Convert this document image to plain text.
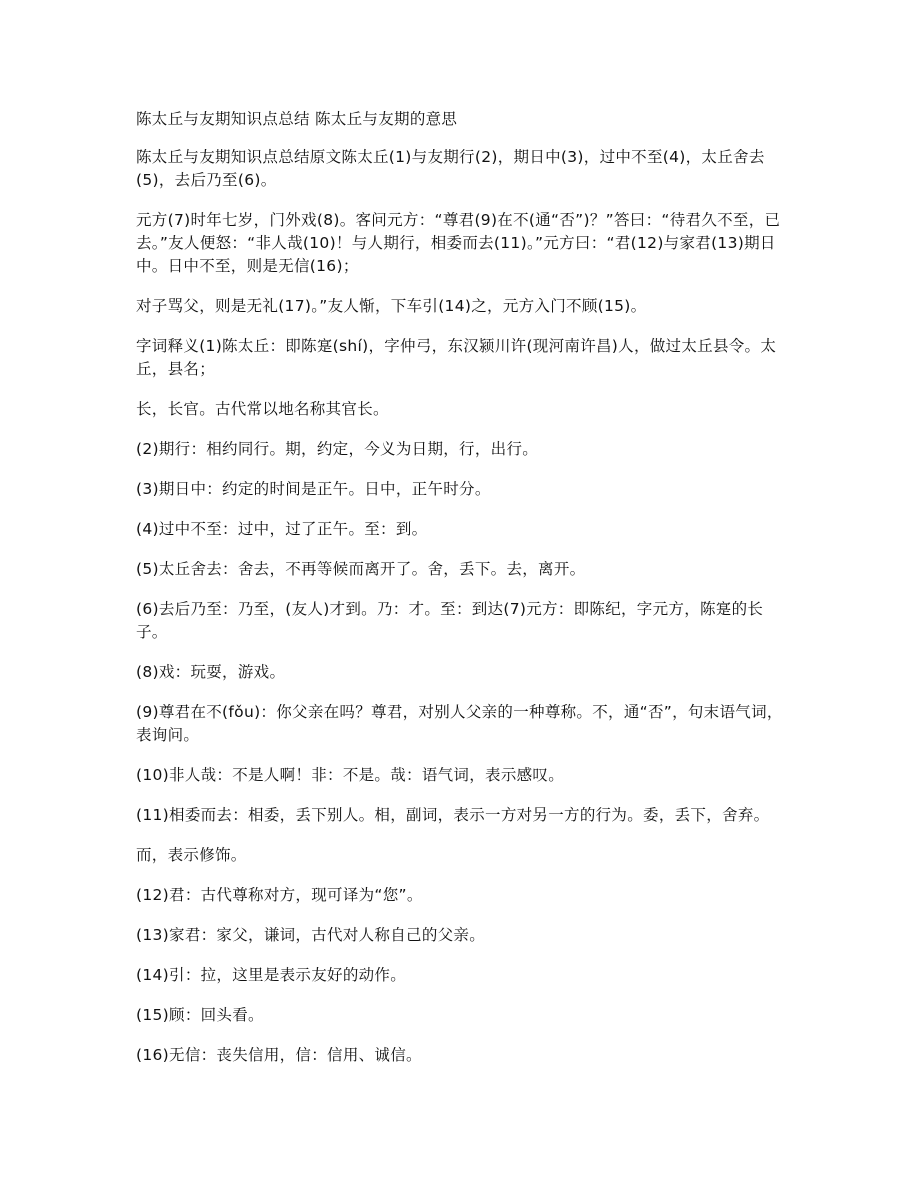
陈太丘与友期知识点总结 陈太丘与友期的意思

陈太丘与友期知识点总结原文陈太丘(1)与友期行(2)，期日中(3)，过中不至(4)，太丘舍去(5)，去后乃至(6)。

元方(7)时年七岁，门外戏(8)。客问元方：“尊君(9)在不(通“否”)？”答曰：“待君久不至，已去。”友人便怒：“非人哉(10)！与人期行，相委而去(11)。”元方曰：“君(12)与家君(13)期日中。日中不至，则是无信(16)；

对子骂父，则是无礼(17)。”友人惭，下车引(14)之，元方入门不顾(15)。

字词释义(1)陈太丘：即陈寔(shí)，字仲弓，东汉颍川许(现河南许昌)人，做过太丘县令。太丘，县名；

长，长官。古代常以地名称其官长。

(2)期行：相约同行。期，约定，今义为日期，行，出行。

(3)期日中：约定的时间是正午。日中，正午时分。

(4)过中不至：过中，过了正午。至：到。

(5)太丘舍去：舍去，不再等候而离开了。舍，丢下。去，离开。

(6)去后乃至：乃至，(友人)才到。乃：才。至：到达(7)元方：即陈纪，字元方，陈寔的长子。

(8)戏：玩耍，游戏。

(9)尊君在不(fǒu)：你父亲在吗？尊君，对别人父亲的一种尊称。不，通“否”，句末语气词，表询问。

(10)非人哉：不是人啊！非：不是。哉：语气词，表示感叹。

(11)相委而去：相委，丢下别人。相，副词，表示一方对另一方的行为。委，丢下，舍弃。

而，表示修饰。

(12)君：古代尊称对方，现可译为“您”。

(13)家君：家父，谦词，古代对人称自己的父亲。

(14)引：拉，这里是表示友好的动作。

(15)顾：回头看。

(16)无信：丧失信用，信：信用、诚信。
